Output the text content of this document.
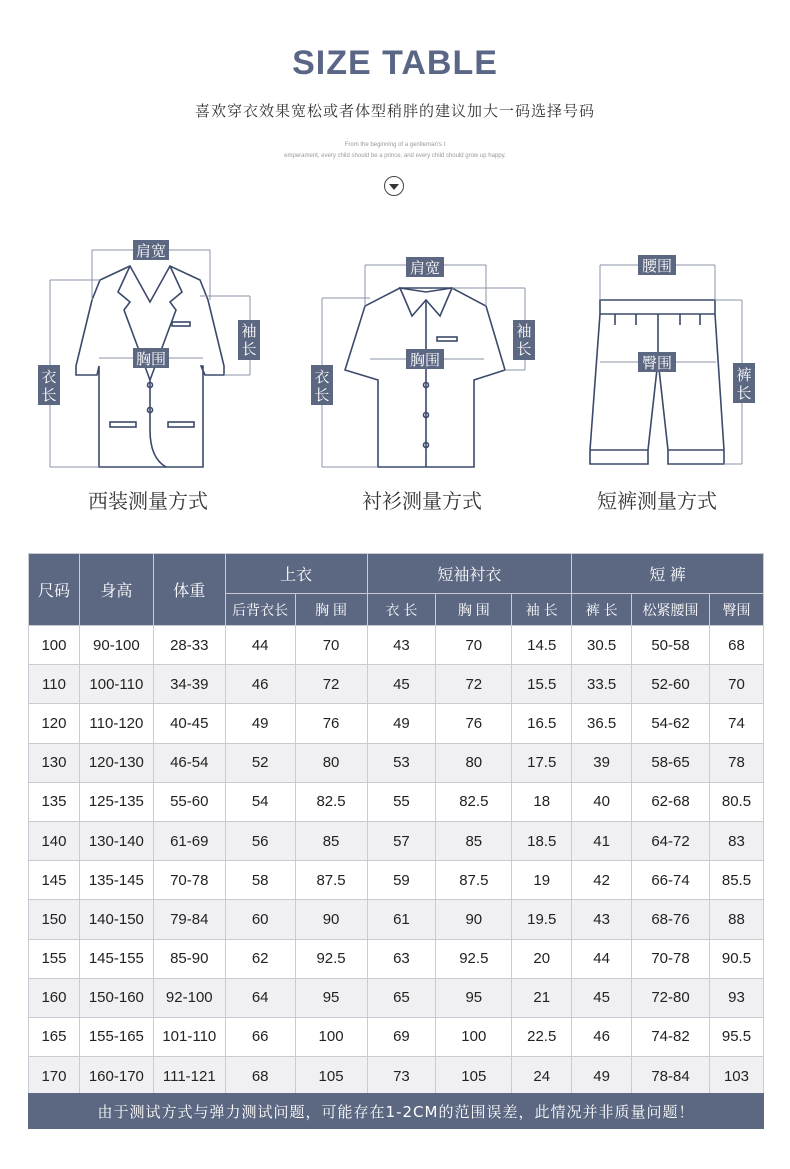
SIZE TABLE
喜欢穿衣效果宽松或者体型稍胖的建议加大一码选择号码
From the beginning of a gentleman's t
emperament, every child should be a prince, and every child should grow up happy.
肩宽
胸围
袖
长
衣
长
肩宽
胸围
袖
长
衣
长
腰围
臀围
裤
长
西装测量方式	衬衫测量方式	短裤测量方式
尺码	身高	体重	上衣		短袖衬衣			短 裤		
			后背衣长	胸 围	衣 长	胸 围	袖 长	裤 长	松紧腰围	臀围
100	90-100	28-33	44	70	43	70	14.5	30.5	50-58	68
110	100-110	34-39	46	72	45	72	15.5	33.5	52-60	70
120	110-120	40-45	49	76	49	76	16.5	36.5	54-62	74
130	120-130	46-54	52	80	53	80	17.5	39	58-65	78
135	125-135	55-60	54	82.5	55	82.5	18	40	62-68	80.5
140	130-140	61-69	56	85	57	85	18.5	41	64-72	83
145	135-145	70-78	58	87.5	59	87.5	19	42	66-74	85.5
150	140-150	79-84	60	90	61	90	19.5	43	68-76	88
155	145-155	85-90	62	92.5	63	92.5	20	44	70-78	90.5
160	150-160	92-100	64	95	65	95	21	45	72-80	93
165	155-165	101-110	66	100	69	100	22.5	46	74-82	95.5
170	160-170	111-121	68	105	73	105	24	49	78-84	103
由于测试方式与弹力测试问题，可能存在1-2CM的范围误差，此情况并非质量问题！
